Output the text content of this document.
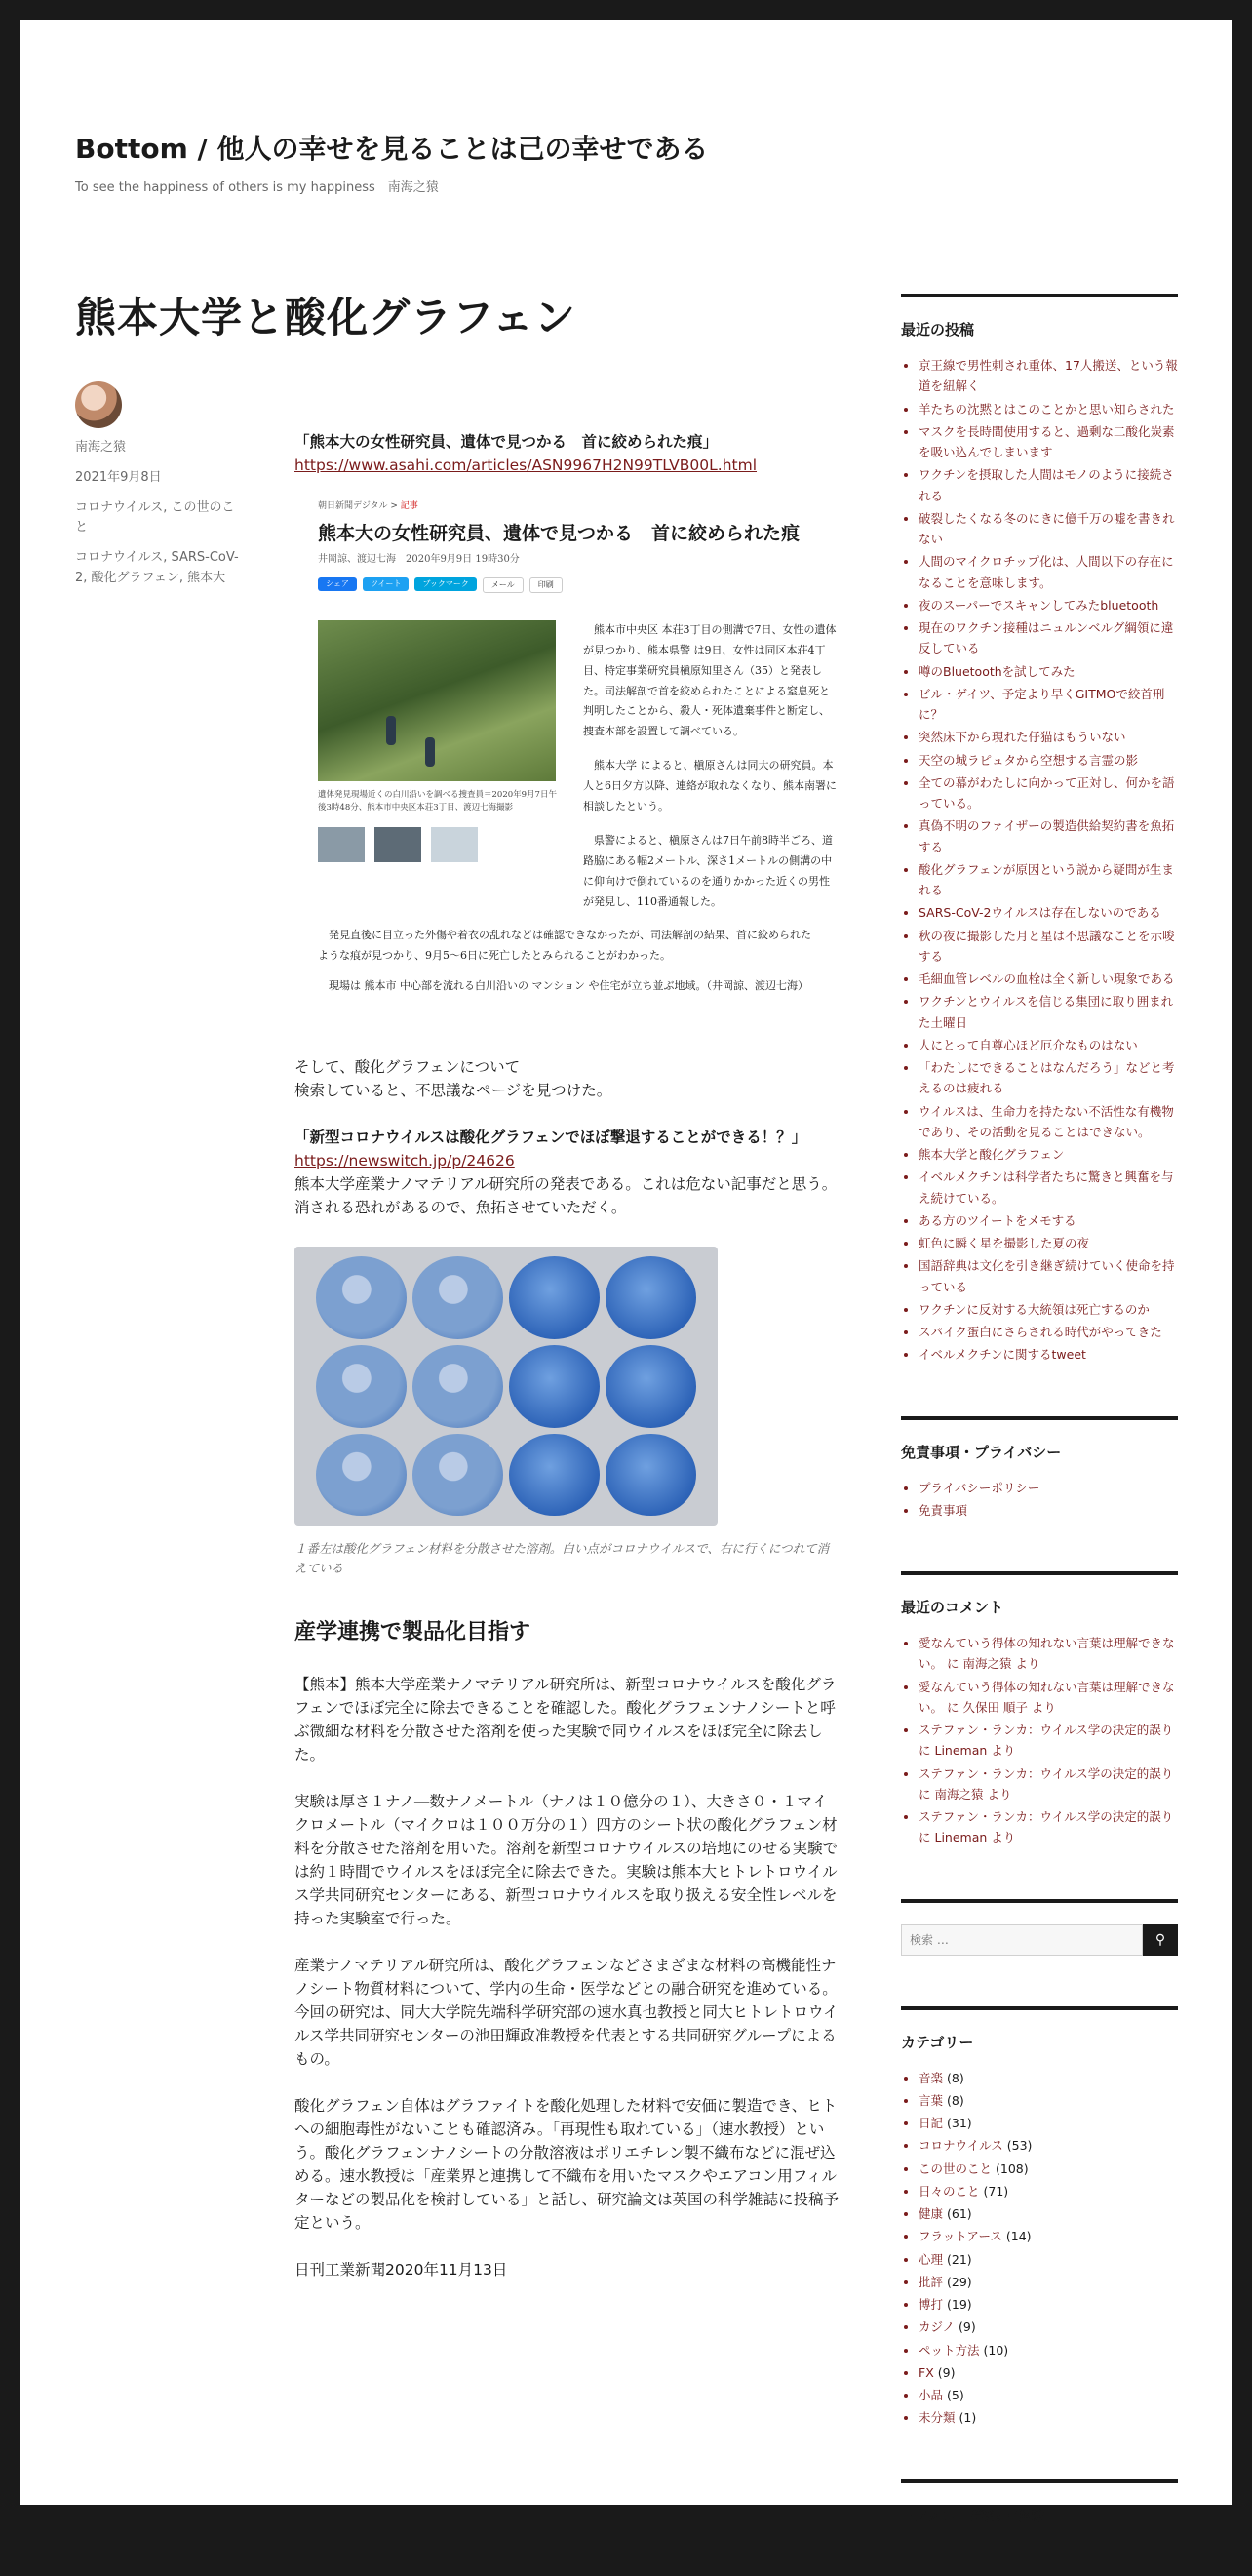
Bottom / 他人の幸せを見ることは己の幸せである
To see the happiness of others is my happiness　南海之猿
熊本大学と酸化グラフェン
南海之猿
2021年9月8日
コロナウイルス, この世のこと
コロナウイルス, SARS-CoV-2, 酸化グラフェン, 熊本大

「熊本大の女性研究員、遺体で見つかる　首に絞められた痕」

https://www.asahi.com/articles/ASN9967H2N99TLVB00L.html

朝日新聞デジタル > 記事
熊本大の女性研究員、遺体で見つかる　首に絞められた痕
井岡諒、渡辺七海　2020年9月9日 19時30分
シェア	ツイート	ブックマーク	メール	印刷
遺体発見現場近くの白川沿いを調べる捜査員＝2020年9月7日午後3時48分、熊本市中央区本荘3丁目、渡辺七海撮影

熊本市中央区 本荘3丁目の側溝で7日、女性の遺体が見つかり、熊本県警 は9日、女性は同区本荘4丁目、特定事業研究員槇原知里さん（35）と発表した。司法解剖で首を絞められたことによる窒息死と判明したことから、殺人・死体遺棄事件と断定し、捜査本部を設置して調べている。

熊本大学 によると、槇原さんは同大の研究員。本人と6日夕方以降、連絡が取れなくなり、熊本南署に相談したという。

県警によると、槇原さんは7日午前8時半ごろ、道路脇にある幅2メートル、深さ1メートルの側溝の中に仰向けで倒れているのを通りかかった近くの男性が発見し、110番通報した。

発見直後に目立った外傷や着衣の乱れなどは確認できなかったが、司法解剖の結果、首に絞められたような痕が見つかり、9月5～6日に死亡したとみられることがわかった。

現場は 熊本市 中心部を流れる白川沿いの マンション や住宅が立ち並ぶ地域。（井岡諒、渡辺七海）

そして、酸化グラフェンについて
検索していると、不思議なページを見つけた。

「新型コロナウイルスは酸化グラフェンでほぼ撃退することができる！？」

https://newswitch.jp/p/24626

熊本大学産業ナノマテリアル研究所の発表である。これは危ない記事だと思う。
消される恐れがあるので、魚拓させていただく。

１番左は酸化グラフェン材料を分散させた溶剤。白い点がコロナウイルスで、右に行くにつれて消えている
産学連携で製品化目指す

【熊本】熊本大学産業ナノマテリアル研究所は、新型コロナウイルスを酸化グラフェンでほぼ完全に除去できることを確認した。酸化グラフェンナノシートと呼ぶ微細な材料を分散させた溶剤を使った実験で同ウイルスをほぼ完全に除去した。

実験は厚さ１ナノ―数ナノメートル（ナノは１０億分の１）、大きさ０・１マイクロメートル（マイクロは１００万分の１）四方のシート状の酸化グラフェン材料を分散させた溶剤を用いた。溶剤を新型コロナウイルスの培地にのせる実験では約１時間でウイルスをほぼ完全に除去できた。実験は熊本大ヒトレトロウイルス学共同研究センターにある、新型コロナウイルスを取り扱える安全性レベルを持った実験室で行った。

産業ナノマテリアル研究所は、酸化グラフェンなどさまざまな材料の高機能性ナノシート物質材料について、学内の生命・医学などとの融合研究を進めている。今回の研究は、同大大学院先端科学研究部の速水真也教授と同大ヒトレトロウイルス学共同研究センターの池田輝政准教授を代表とする共同研究グループによるもの。

酸化グラフェン自体はグラファイトを酸化処理した材料で安価に製造でき、ヒトへの細胞毒性がないことも確認済み。「再現性も取れている」（速水教授）という。酸化グラフェンナノシートの分散溶液はポリエチレン製不織布などに混ぜ込める。速水教授は「産業界と連携して不織布を用いたマスクやエアコン用フィルターなどの製品化を検討している」と話し、研究論文は英国の科学雑誌に投稿予定という。

日刊工業新聞2020年11月13日

最近の投稿
• 京王線で男性刺され重体、17人搬送、という報道を紐解く
• 羊たちの沈黙とはこのことかと思い知らされた
• マスクを長時間使用すると、過剰な二酸化炭素を吸い込んでしまいます
• ワクチンを摂取した人間はモノのように接続される
• 破裂したくなる冬のにきに億千万の嘘を書きれない
• 人間のマイクロチップ化は、人間以下の存在になることを意味します。
• 夜のスーパーでスキャンしてみたbluetooth
• 現在のワクチン接種はニュルンベルグ綱領に違反している
• 噂のBluetoothを試してみた
• ビル・ゲイツ、予定より早くGITMOで絞首刑に？
• 突然床下から現れた仔猫はもういない
• 天空の城ラピュタから空想する言霊の影
• 全ての幕がわたしに向かって正対し、何かを語っている。
• 真偽不明のファイザーの製造供給契約書を魚拓する
• 酸化グラフェンが原因という説から疑問が生まれる
• SARS-CoV-2ウイルスは存在しないのである
• 秋の夜に撮影した月と星は不思議なことを示唆する
• 毛細血管レベルの血栓は全く新しい現象である
• ワクチンとウイルスを信じる集団に取り囲まれた土曜日
• 人にとって自尊心ほど厄介なものはない
• 「わたしにできることはなんだろう」などと考えるのは疲れる
• ウイルスは、生命力を持たない不活性な有機物であり、その活動を見ることはできない。
• 熊本大学と酸化グラフェン
• イベルメクチンは科学者たちに驚きと興奮を与え続けている。
• ある方のツイートをメモする
• 虹色に瞬く星を撮影した夏の夜
• 国語辞典は文化を引き継ぎ続けていく使命を持っている
• ワクチンに反対する大統領は死亡するのか
• スパイク蛋白にさらされる時代がやってきた
• イベルメクチンに関するtweet
免責事項・プライバシー
• プライバシーポリシー
• 免責事項
最近のコメント
• 愛なんていう得体の知れない言葉は理解できない。 に 南海之猿 より
• 愛なんていう得体の知れない言葉は理解できない。 に 久保田 順子 より
• ステファン・ランカ：ウイルス学の決定的誤り に Lineman より
• ステファン・ランカ：ウイルス学の決定的誤り に 南海之猿 より
• ステファン・ランカ：ウイルス学の決定的誤り に Lineman より
検索 …
⚲
カテゴリー
• 音楽 (8)
• 言葉 (8)
• 日記 (31)
• コロナウイルス (53)
• この世のこと (108)
• 日々のこと (71)
• 健康 (61)
• フラットアース (14)
• 心理 (21)
• 批評 (29)
• 博打 (19)
• カジノ (9)
• ペット方法 (10)
• FX (9)
• 小品 (5)
• 未分類 (1)
+フォロー登録・解除
